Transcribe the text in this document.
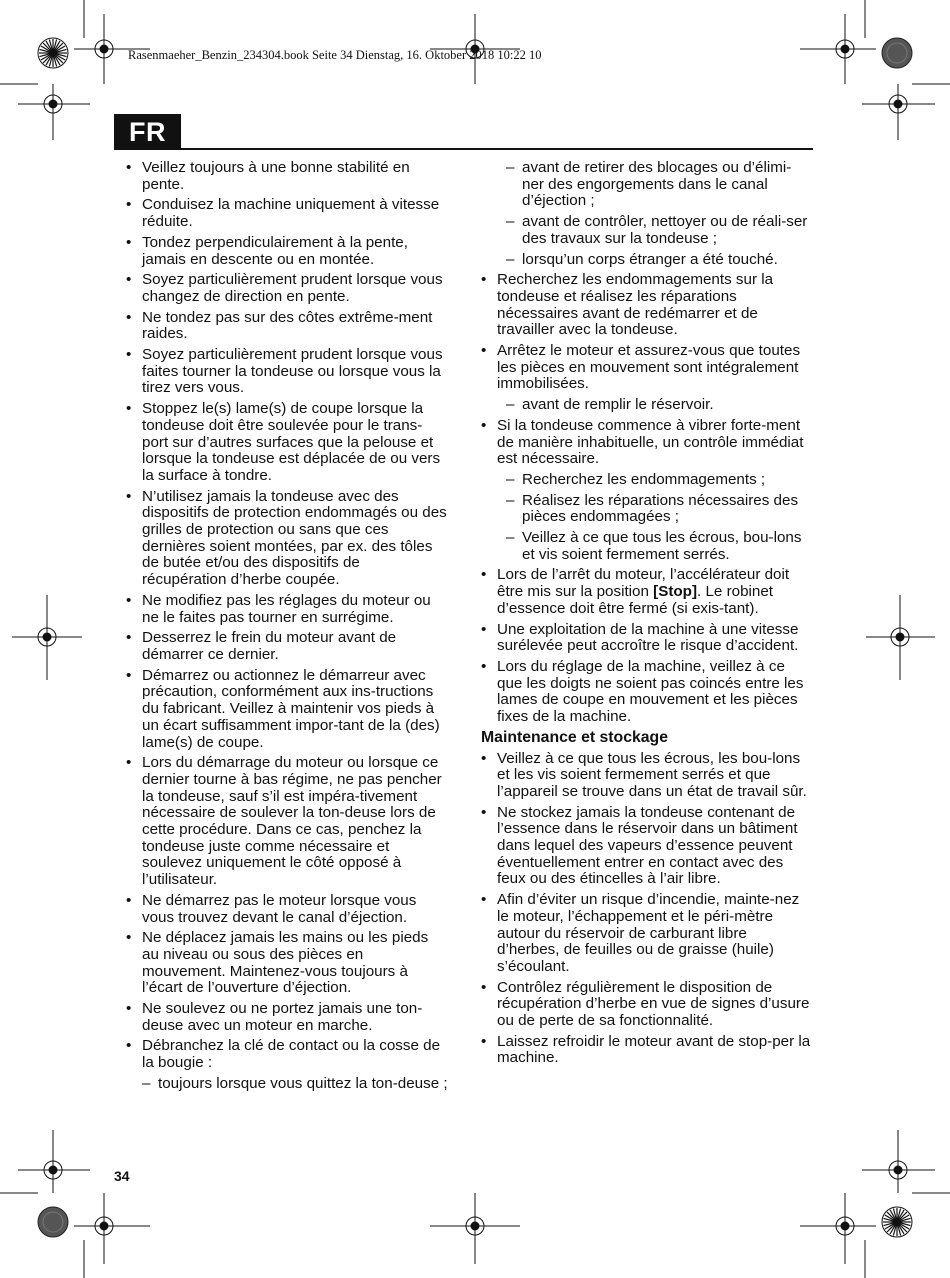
Rasenmaeher_Benzin_234304.book Seite 34 Dienstag, 16. Oktober 2018 10:22 10
FR
• Veillez toujours à une bonne stabilité en pente.
• Conduisez la machine uniquement à vitesse réduite.
• Tondez perpendiculairement à la pente, jamais en descente ou en montée.
• Soyez particulièrement prudent lorsque vous changez de direction en pente.
• Ne tondez pas sur des côtes extrême-ment raides.
• Soyez particulièrement prudent lorsque vous faites tourner la tondeuse ou lorsque vous la tirez vers vous.
• Stoppez le(s) lame(s) de coupe lorsque la tondeuse doit être soulevée pour le trans-port sur d’autres surfaces que la pelouse et lorsque la tondeuse est déplacée de ou vers la surface à tondre.
• N’utilisez jamais la tondeuse avec des dispositifs de protection endommagés ou des grilles de protection ou sans que ces dernières soient montées, par ex. des tôles de butée et/ou des dispositifs de récupération d’herbe coupée.
• Ne modifiez pas les réglages du moteur ou ne le faites pas tourner en surrégime.
• Desserrez le frein du moteur avant de démarrer ce dernier.
• Démarrez ou actionnez le démarreur avec précaution, conformément aux ins-tructions du fabricant. Veillez à maintenir vos pieds à un écart suffisamment impor-tant de la (des) lame(s) de coupe.
• Lors du démarrage du moteur ou lorsque ce dernier tourne à bas régime, ne pas pencher la tondeuse, sauf s’il est impéra-tivement nécessaire de soulever la ton-deuse lors de cette procédure. Dans ce cas, penchez la tondeuse juste comme nécessaire et soulevez uniquement le côté opposé à l’utilisateur.
• Ne démarrez pas le moteur lorsque vous vous trouvez devant le canal d’éjection.
• Ne déplacez jamais les mains ou les pieds au niveau ou sous des pièces en mouvement. Maintenez-vous toujours à l’écart de l’ouverture d’éjection.
• Ne soulevez ou ne portez jamais une ton-deuse avec un moteur en marche.
• Débranchez la clé de contact ou la cosse de la bougie :
– toujours lorsque vous quittez la ton-deuse ;
– avant de retirer des blocages ou d’élimi-ner des engorgements dans le canal d’éjection ;
– avant de contrôler, nettoyer ou de réali-ser des travaux sur la tondeuse ;
– lorsqu’un corps étranger a été touché.
• Recherchez les endommagements sur la tondeuse et réalisez les réparations nécessaires avant de redémarrer et de travailler avec la tondeuse.
• Arrêtez le moteur et assurez-vous que toutes les pièces en mouvement sont intégralement immobilisées.
– avant de remplir le réservoir.
• Si la tondeuse commence à vibrer forte-ment de manière inhabituelle, un contrôle immédiat est nécessaire.
– Recherchez les endommagements ;
– Réalisez les réparations nécessaires des pièces endommagées ;
– Veillez à ce que tous les écrous, bou-lons et vis soient fermement serrés.
• Lors de l’arrêt du moteur, l’accélérateur doit être mis sur la position [Stop]. Le robinet d’essence doit être fermé (si exis-tant).
• Une exploitation de la machine à une vitesse surélevée peut accroître le risque d’accident.
• Lors du réglage de la machine, veillez à ce que les doigts ne soient pas coincés entre les lames de coupe en mouvement et les pièces fixes de la machine.
Maintenance et stockage
• Veillez à ce que tous les écrous, les bou-lons et les vis soient fermement serrés et que l’appareil se trouve dans un état de travail sûr.
• Ne stockez jamais la tondeuse contenant de l’essence dans le réservoir dans un bâtiment dans lequel des vapeurs d’essence peuvent éventuellement entrer en contact avec des feux ou des étincelles à l’air libre.
• Afin d’éviter un risque d’incendie, mainte-nez le moteur, l’échappement et le péri-mètre autour du réservoir de carburant libre d’herbes, de feuilles ou de graisse (huile) s’écoulant.
• Contrôlez régulièrement le disposition de récupération d’herbe en vue de signes d’usure ou de perte de sa fonctionnalité.
• Laissez refroidir le moteur avant de stop-per la machine.
34
